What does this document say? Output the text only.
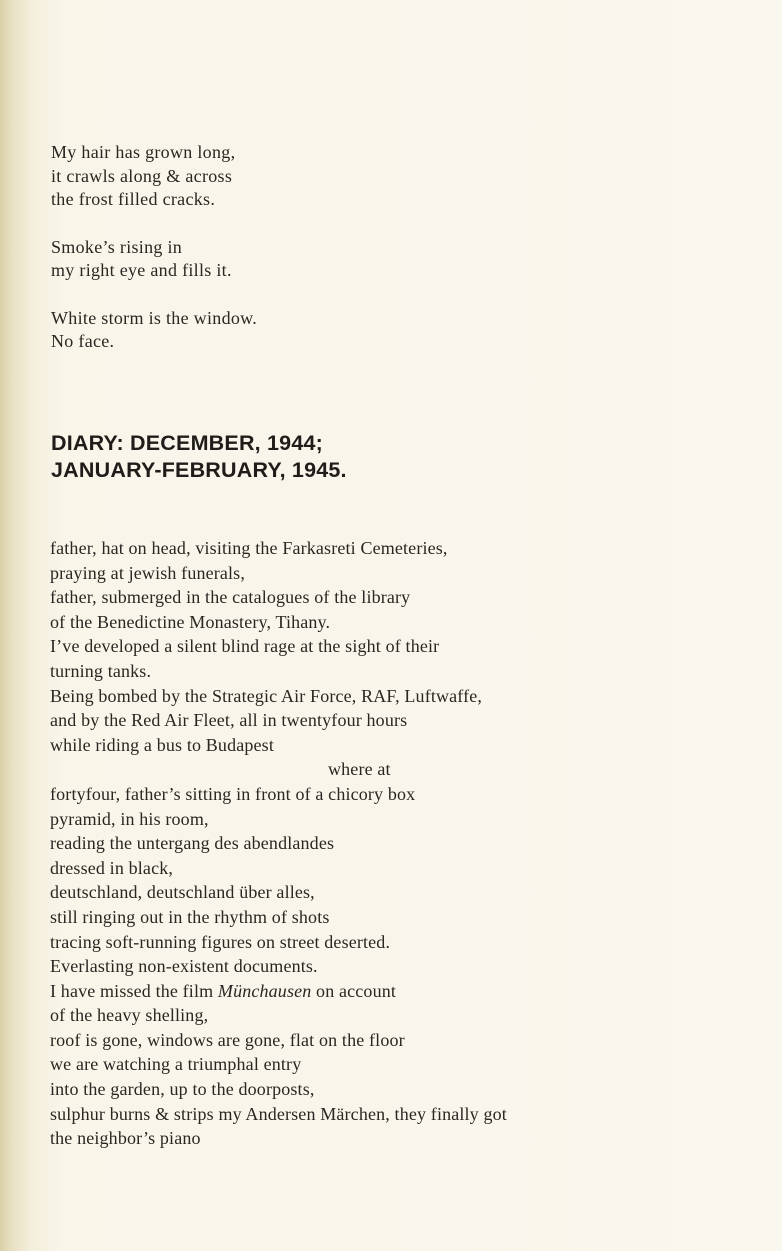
My hair has grown long,
it crawls along & across
the frost filled cracks.
Smoke’s rising in
my right eye and fills it.
White storm is the window.
No face.
DIARY: DECEMBER, 1944;
JANUARY-FEBRUARY, 1945.
father, hat on head, visiting the Farkasreti Cemeteries,
praying at jewish funerals,
father, submerged in the catalogues of the library
of the Benedictine Monastery, Tihany.
I’ve developed a silent blind rage at the sight of their
turning tanks.
Being bombed by the Strategic Air Force, RAF, Luftwaffe,
and by the Red Air Fleet, all in twentyfour hours
while riding a bus to Budapest
where at
fortyfour, father’s sitting in front of a chicory box
pyramid, in his room,
reading the untergang des abendlandes
dressed in black,
deutschland, deutschland über alles,
still ringing out in the rhythm of shots
tracing soft-running figures on street deserted.
Everlasting non-existent documents.
I have missed the film Münchausen on account
of the heavy shelling,
roof is gone, windows are gone, flat on the floor
we are watching a triumphal entry
into the garden, up to the doorposts,
sulphur burns & strips my Andersen Märchen, they finally got
the neighbor’s piano
